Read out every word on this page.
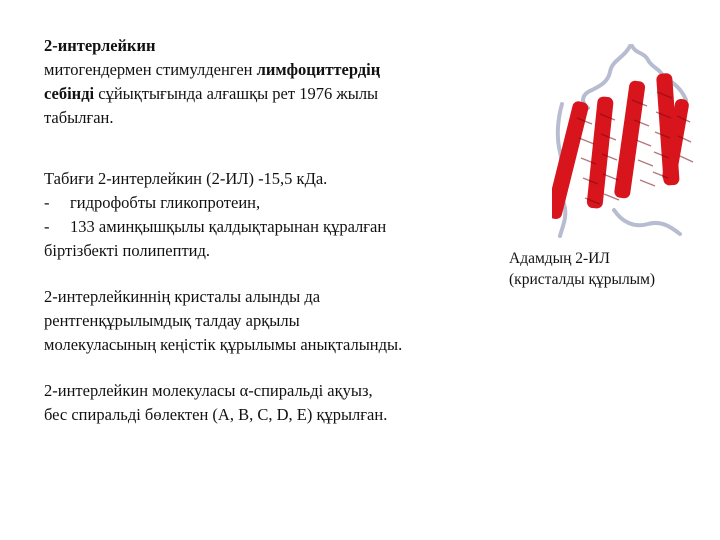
2-интерлейкин
митогендермен стимулденген лимфоциттердің
себінді сұйықтығында алғашқы рет 1976 жылы
табылған.

Табиғи 2-интерлейкин (2-ИЛ) -15,5 кДа.
- гидрофобты гликопротеин,
- 133 аминқышқылы қалдықтарынан құралған
біртізбекті полипептид.

2-интерлейкиннің кристалы алынды да
рентгенқұрылымдық талдау арқылы
молекуласының кеңістік құрылымы анықталынды.

2-интерлейкин молекуласы α-спиральді ақуыз,
бес спиральді бөлектен (А, В, С, D, E) құрылған.

Адамдың 2-ИЛ
(кристалды құрылым)
